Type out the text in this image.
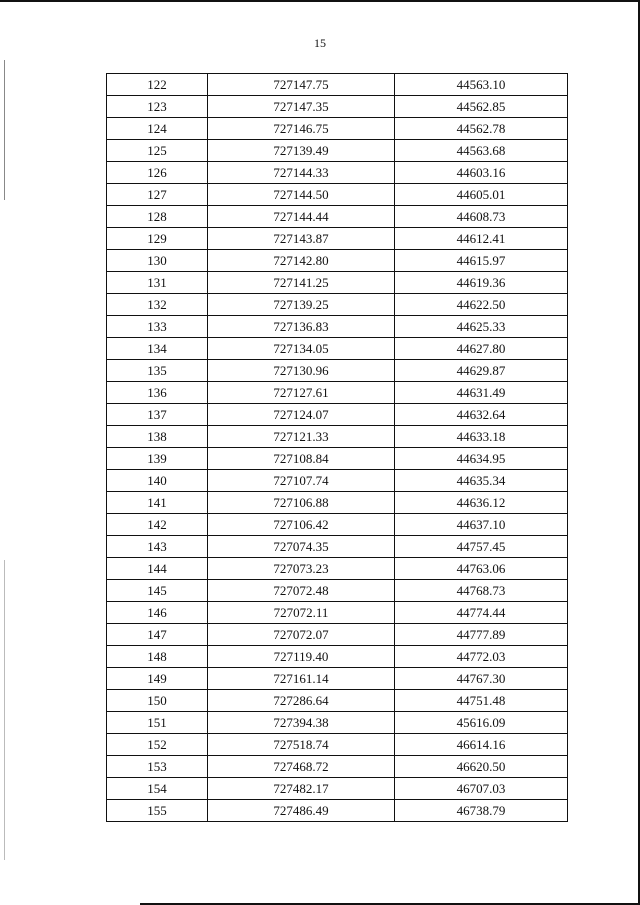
15
122	727147.75	44563.10
123	727147.35	44562.85
124	727146.75	44562.78
125	727139.49	44563.68
126	727144.33	44603.16
127	727144.50	44605.01
128	727144.44	44608.73
129	727143.87	44612.41
130	727142.80	44615.97
131	727141.25	44619.36
132	727139.25	44622.50
133	727136.83	44625.33
134	727134.05	44627.80
135	727130.96	44629.87
136	727127.61	44631.49
137	727124.07	44632.64
138	727121.33	44633.18
139	727108.84	44634.95
140	727107.74	44635.34
141	727106.88	44636.12
142	727106.42	44637.10
143	727074.35	44757.45
144	727073.23	44763.06
145	727072.48	44768.73
146	727072.11	44774.44
147	727072.07	44777.89
148	727119.40	44772.03
149	727161.14	44767.30
150	727286.64	44751.48
151	727394.38	45616.09
152	727518.74	46614.16
153	727468.72	46620.50
154	727482.17	46707.03
155	727486.49	46738.79
